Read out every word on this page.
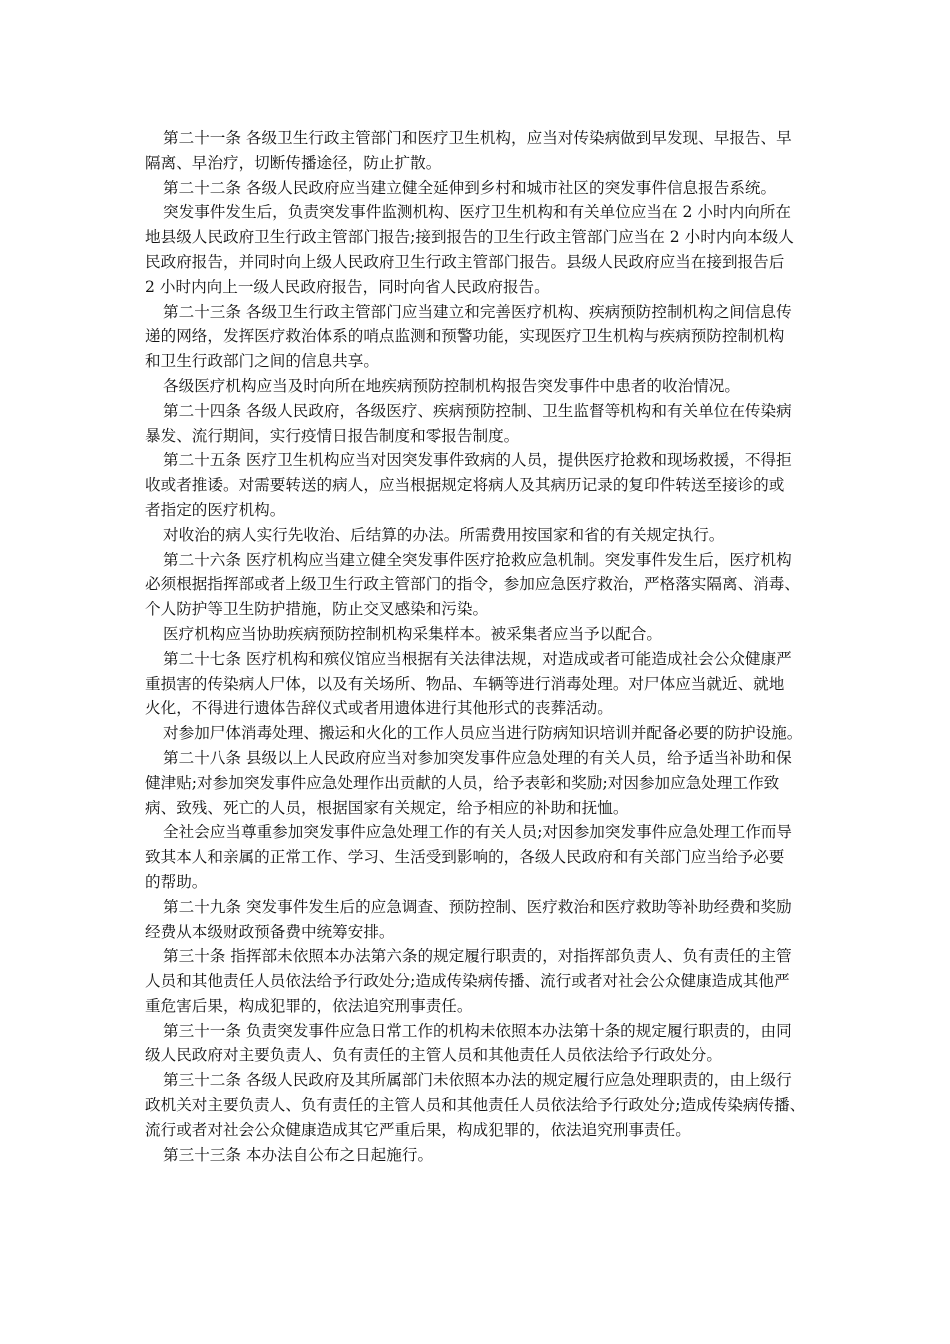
第二十一条 各级卫生行政主管部门和医疗卫生机构，应当对传染病做到早发现、早报告、早
隔离、早治疗，切断传播途径，防止扩散。
第二十二条 各级人民政府应当建立健全延伸到乡村和城市社区的突发事件信息报告系统。
突发事件发生后，负责突发事件监测机构、医疗卫生机构和有关单位应当在 2 小时内向所在
地县级人民政府卫生行政主管部门报告;接到报告的卫生行政主管部门应当在 2 小时内向本级人
民政府报告，并同时向上级人民政府卫生行政主管部门报告。县级人民政府应当在接到报告后
2 小时内向上一级人民政府报告，同时向省人民政府报告。
第二十三条 各级卫生行政主管部门应当建立和完善医疗机构、疾病预防控制机构之间信息传
递的网络，发挥医疗救治体系的哨点监测和预警功能，实现医疗卫生机构与疾病预防控制机构
和卫生行政部门之间的信息共享。
各级医疗机构应当及时向所在地疾病预防控制机构报告突发事件中患者的收治情况。
第二十四条 各级人民政府，各级医疗、疾病预防控制、卫生监督等机构和有关单位在传染病
暴发、流行期间，实行疫情日报告制度和零报告制度。
第二十五条 医疗卫生机构应当对因突发事件致病的人员，提供医疗抢救和现场救援，不得拒
收或者推诿。对需要转送的病人，应当根据规定将病人及其病历记录的复印件转送至接诊的或
者指定的医疗机构。
对收治的病人实行先收治、后结算的办法。所需费用按国家和省的有关规定执行。
第二十六条 医疗机构应当建立健全突发事件医疗抢救应急机制。突发事件发生后，医疗机构
必须根据指挥部或者上级卫生行政主管部门的指令，参加应急医疗救治，严格落实隔离、消毒、
个人防护等卫生防护措施，防止交叉感染和污染。
医疗机构应当协助疾病预防控制机构采集样本。被采集者应当予以配合。
第二十七条 医疗机构和殡仪馆应当根据有关法律法规，对造成或者可能造成社会公众健康严
重损害的传染病人尸体，以及有关场所、物品、车辆等进行消毒处理。对尸体应当就近、就地
火化，不得进行遗体告辞仪式或者用遗体进行其他形式的丧葬活动。
对参加尸体消毒处理、搬运和火化的工作人员应当进行防病知识培训并配备必要的防护设施。
第二十八条 县级以上人民政府应当对参加突发事件应急处理的有关人员，给予适当补助和保
健津贴;对参加突发事件应急处理作出贡献的人员，给予表彰和奖励;对因参加应急处理工作致
病、致残、死亡的人员，根据国家有关规定，给予相应的补助和抚恤。
全社会应当尊重参加突发事件应急处理工作的有关人员;对因参加突发事件应急处理工作而导
致其本人和亲属的正常工作、学习、生活受到影响的，各级人民政府和有关部门应当给予必要
的帮助。
第二十九条 突发事件发生后的应急调查、预防控制、医疗救治和医疗救助等补助经费和奖励
经费从本级财政预备费中统筹安排。
第三十条 指挥部未依照本办法第六条的规定履行职责的，对指挥部负责人、负有责任的主管
人员和其他责任人员依法给予行政处分;造成传染病传播、流行或者对社会公众健康造成其他严
重危害后果，构成犯罪的，依法追究刑事责任。
第三十一条 负责突发事件应急日常工作的机构未依照本办法第十条的规定履行职责的，由同
级人民政府对主要负责人、负有责任的主管人员和其他责任人员依法给予行政处分。
第三十二条 各级人民政府及其所属部门未依照本办法的规定履行应急处理职责的，由上级行
政机关对主要负责人、负有责任的主管人员和其他责任人员依法给予行政处分;造成传染病传播、
流行或者对社会公众健康造成其它严重后果，构成犯罪的，依法追究刑事责任。
第三十三条 本办法自公布之日起施行。
